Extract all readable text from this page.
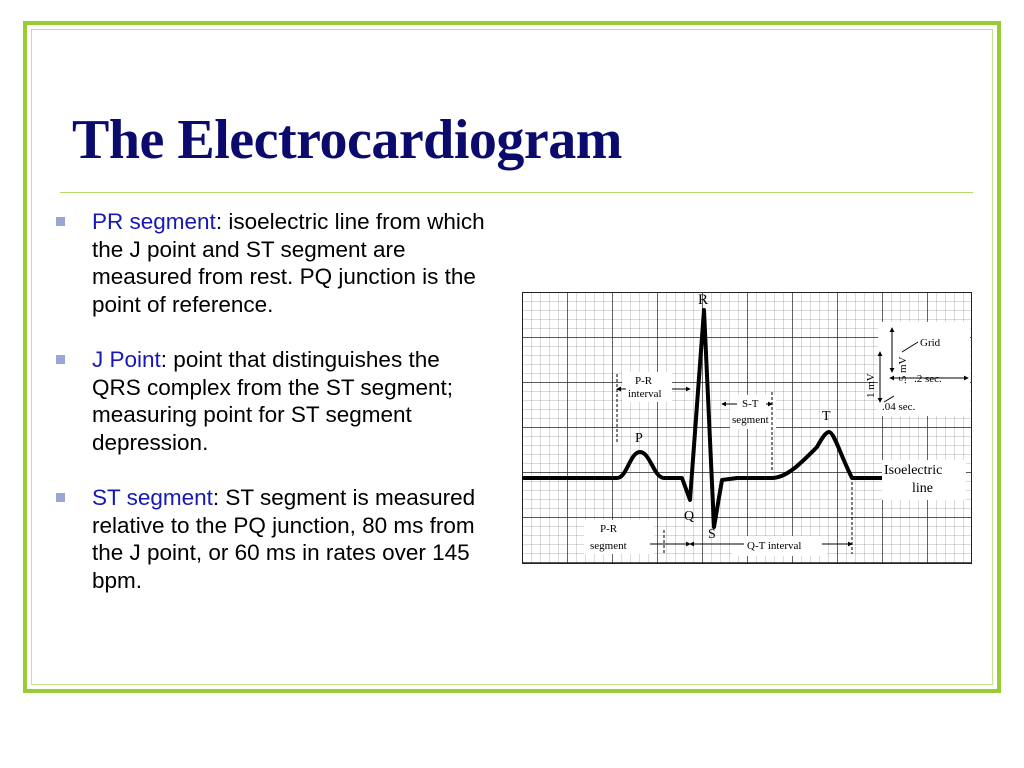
The Electrocardiogram
PR segment: isoelectric line from which the J point and ST segment are measured from rest. PQ junction is the point of reference.
J Point: point that distinguishes the QRS complex from the ST segment; measuring point for ST segment depression.
ST segment: ST segment is measured relative to the PQ junction, 80 ms from the J point, or 60 ms in rates over 145 bpm.
R
P
T
Q
S
P-R
interval
S-T
segment
P-R
segment	Q-T interval
Grid
.5 mV
1 mV	.2 sec.
.04 sec.
Isoelectric
line
